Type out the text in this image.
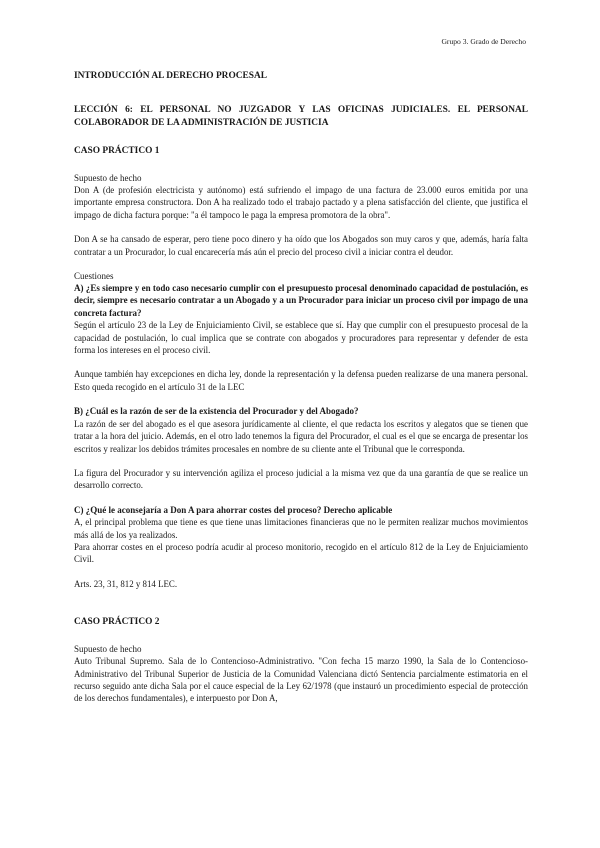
Grupo 3. Grado de Derecho
INTRODUCCIÓN AL DERECHO PROCESAL
LECCIÓN 6: EL PERSONAL NO JUZGADOR Y LAS OFICINAS JUDICIALES. EL PERSONAL COLABORADOR DE LA ADMINISTRACIÓN DE JUSTICIA
CASO PRÁCTICO 1
Supuesto de hecho
Don A (de profesión electricista y autónomo) está sufriendo el impago de una factura de 23.000 euros emitida por una importante empresa constructora. Don A ha realizado todo el trabajo pactado y a plena satisfacción del cliente, que justifica el impago de dicha factura porque: "a él tampoco le paga la empresa promotora de la obra".
Don A se ha cansado de esperar, pero tiene poco dinero y ha oído que los Abogados son muy caros y que, además, haría falta contratar a un Procurador, lo cual encarecería más aún el precio del proceso civil a iniciar contra el deudor.
Cuestiones
A) ¿Es siempre y en todo caso necesario cumplir con el presupuesto procesal denominado capacidad de postulación, es decir, siempre es necesario contratar a un Abogado y a un Procurador para iniciar un proceso civil por impago de una concreta factura?
Según el artículo 23 de la Ley de Enjuiciamiento Civil, se establece que sí. Hay que cumplir con el presupuesto procesal de la capacidad de postulación, lo cual implica que se contrate con abogados y procuradores para representar y defender de esta forma los intereses en el proceso civil.
Aunque también hay excepciones en dicha ley, donde la representación y la defensa pueden realizarse de una manera personal. Esto queda recogido en el artículo 31 de la LEC
B) ¿Cuál es la razón de ser de la existencia del Procurador y del Abogado?
La razón de ser del abogado es el que asesora jurídicamente al cliente, el que redacta los escritos y alegatos que se tienen que tratar a la hora del juicio. Además, en el otro lado tenemos la figura del Procurador, el cual es el que se encarga de presentar los escritos y realizar los debidos trámites procesales en nombre de su cliente ante el Tribunal que le corresponda.
La figura del Procurador y su intervención agiliza el proceso judicial a la misma vez que da una garantía de que se realice un desarrollo correcto.
C) ¿Qué le aconsejaría a Don A para ahorrar costes del proceso? Derecho aplicable
A, el principal problema que tiene es que tiene unas limitaciones financieras que no le permiten realizar muchos movimientos más allá de los ya realizados.
Para ahorrar costes en el proceso podría acudir al proceso monitorio, recogido en el artículo 812 de la Ley de Enjuiciamiento Civil.
Arts. 23, 31, 812 y 814 LEC.
CASO PRÁCTICO 2
Supuesto de hecho
Auto Tribunal Supremo. Sala de lo Contencioso-Administrativo. "Con fecha 15 marzo 1990, la Sala de lo Contencioso-Administrativo del Tribunal Superior de Justicia de la Comunidad Valenciana dictó Sentencia parcialmente estimatoria en el recurso seguido ante dicha Sala por el cauce especial de la Ley 62/1978 (que instauró un procedimiento especial de protección de los derechos fundamentales), e interpuesto por Don A,
